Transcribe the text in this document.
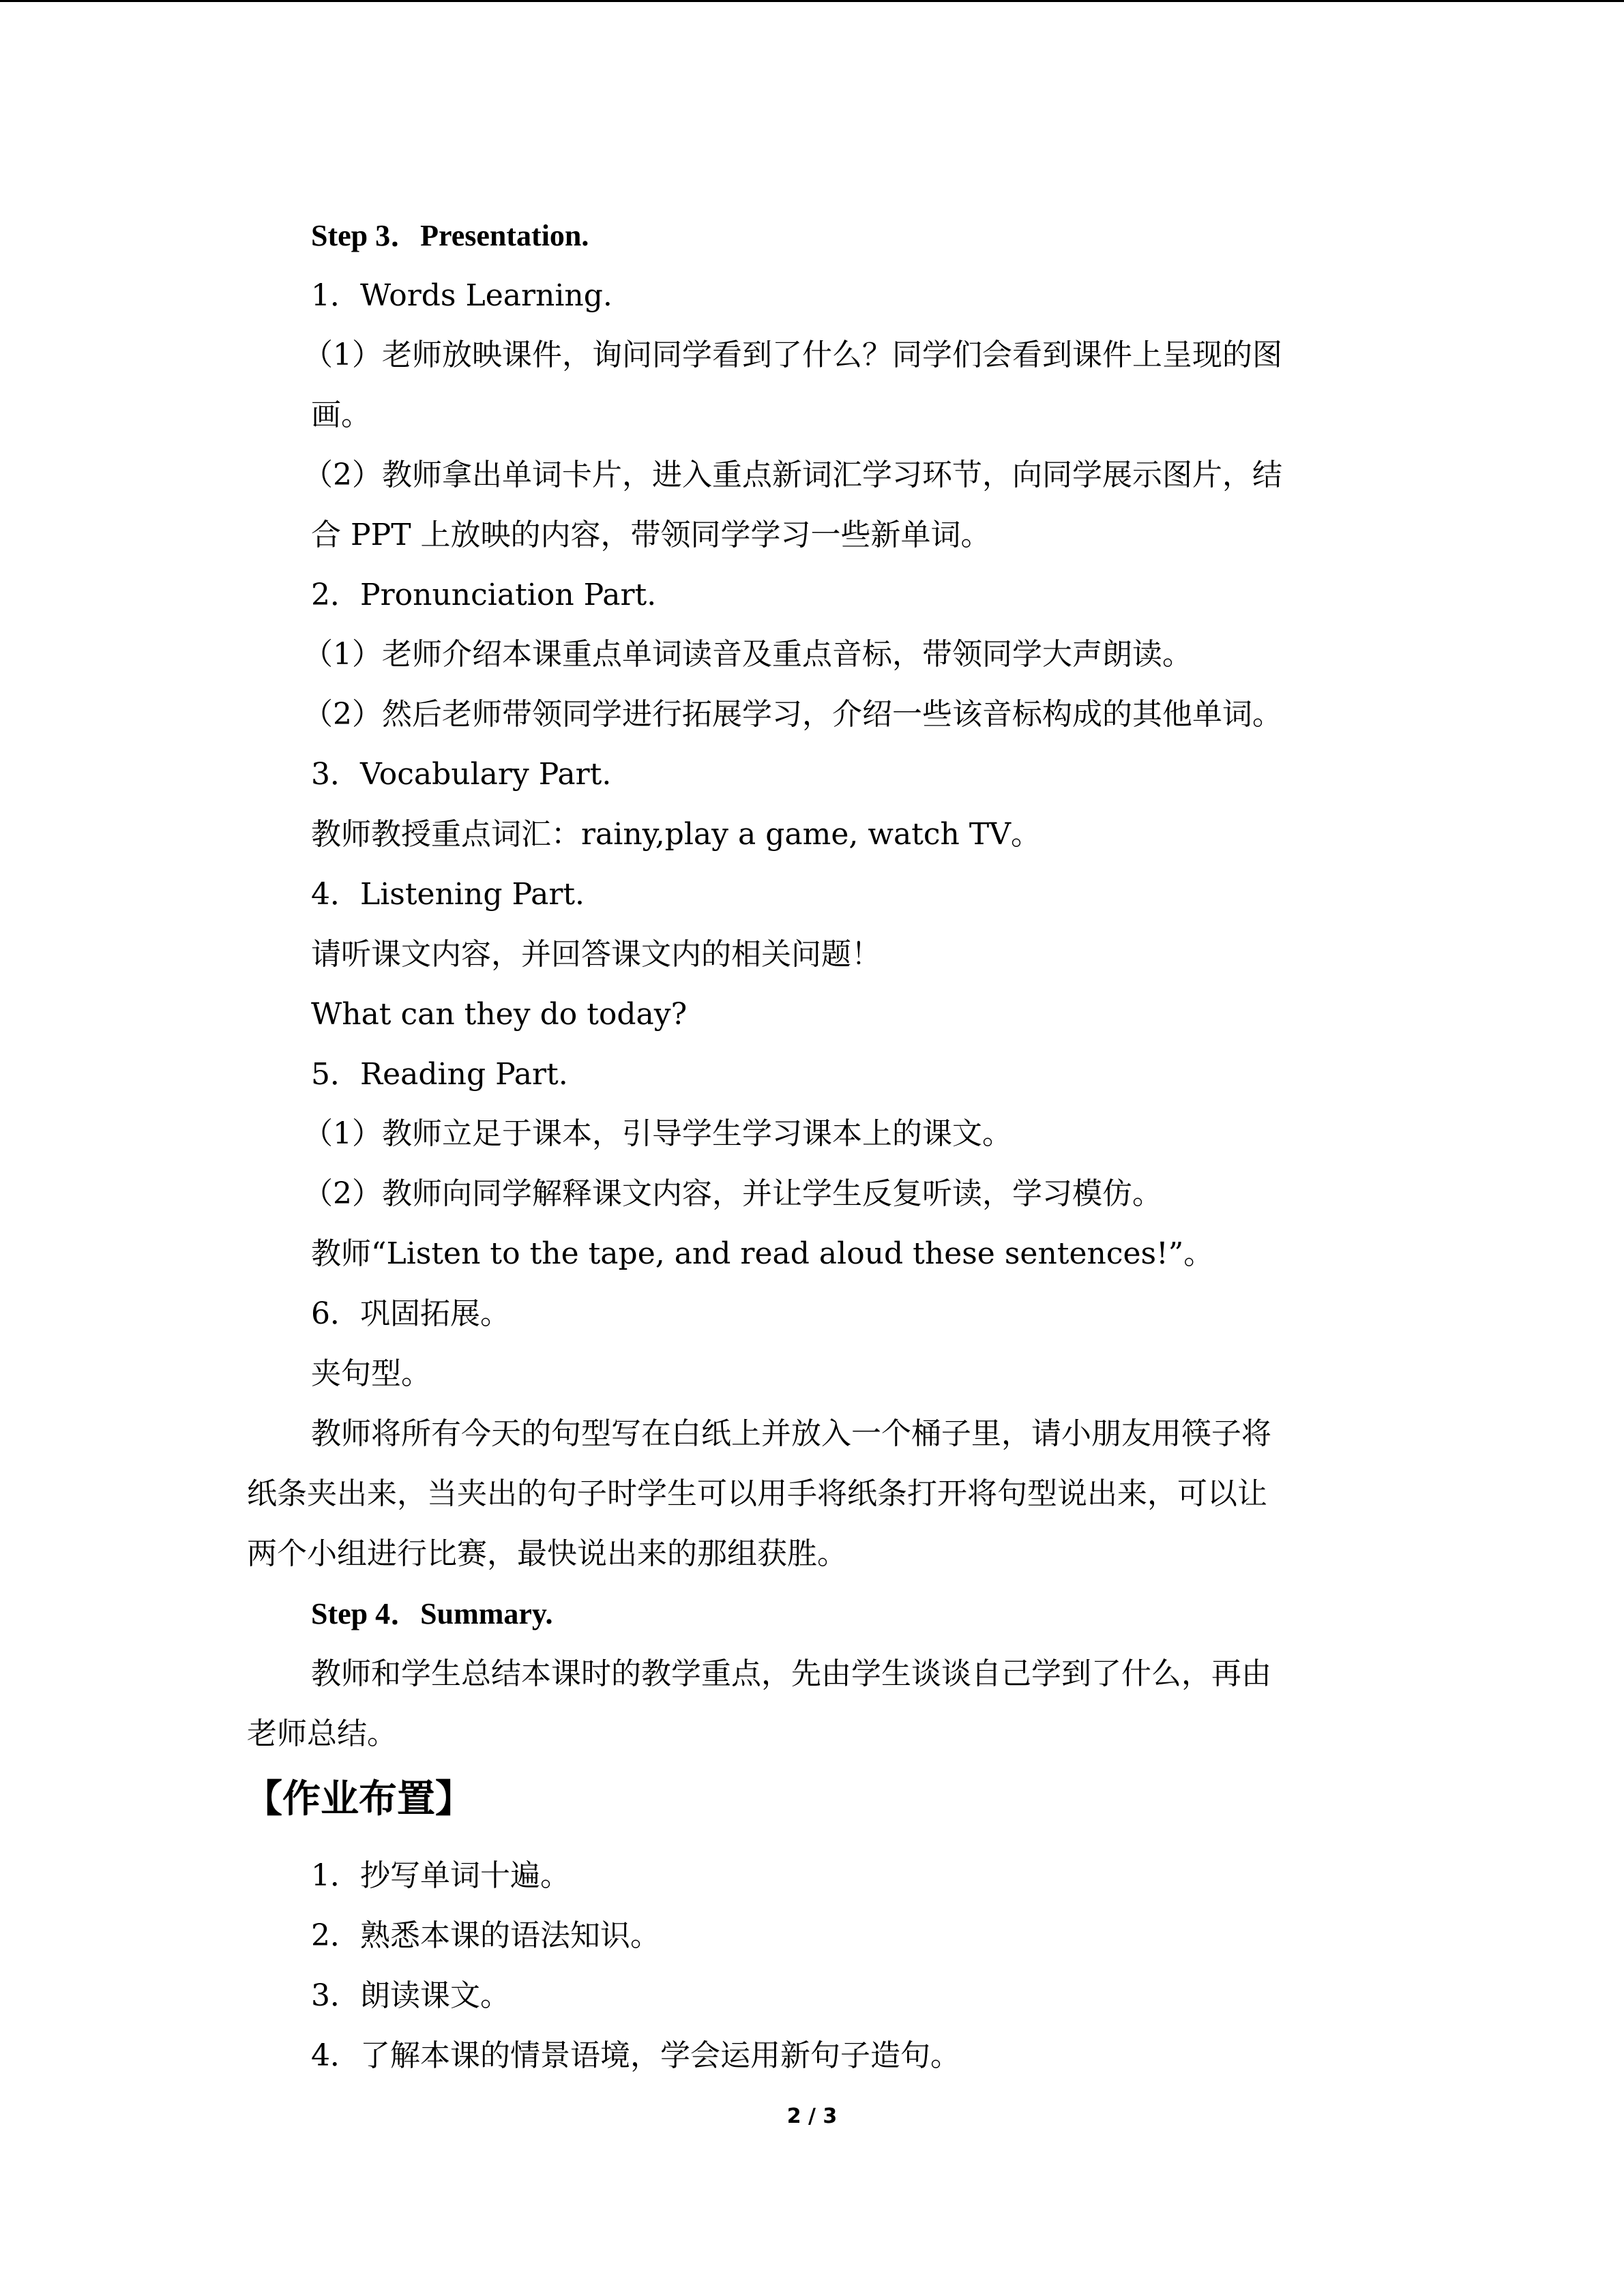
Step 3．Presentation.
1．Words Learning.
（1）老师放映课件，询问同学看到了什么？同学们会看到课件上呈现的图
画。
（2）教师拿出单词卡片，进入重点新词汇学习环节，向同学展示图片，结
合 PPT 上放映的内容，带领同学学习一些新单词。
2．Pronunciation Part.
（1）老师介绍本课重点单词读音及重点音标，带领同学大声朗读。
（2）然后老师带领同学进行拓展学习，介绍一些该音标构成的其他单词。
3．Vocabulary Part.
教师教授重点词汇：rainy,play a game, watch TV。
4．Listening Part.
请听课文内容，并回答课文内的相关问题！
What can they do today?
5．Reading Part.
（1）教师立足于课本，引导学生学习课本上的课文。
（2）教师向同学解释课文内容，并让学生反复听读，学习模仿。
教师“Listen to the tape, and read aloud these sentences!”。
6．巩固拓展。
夹句型。
教师将所有今天的句型写在白纸上并放入一个桶子里，请小朋友用筷子将
纸条夹出来，当夹出的句子时学生可以用手将纸条打开将句型说出来，可以让
两个小组进行比赛，最快说出来的那组获胜。
Step 4．Summary.
教师和学生总结本课时的教学重点，先由学生谈谈自己学到了什么，再由
老师总结。
【作业布置】
1．抄写单词十遍。
2．熟悉本课的语法知识。
3．朗读课文。
4．了解本课的情景语境，学会运用新句子造句。
2 / 3
